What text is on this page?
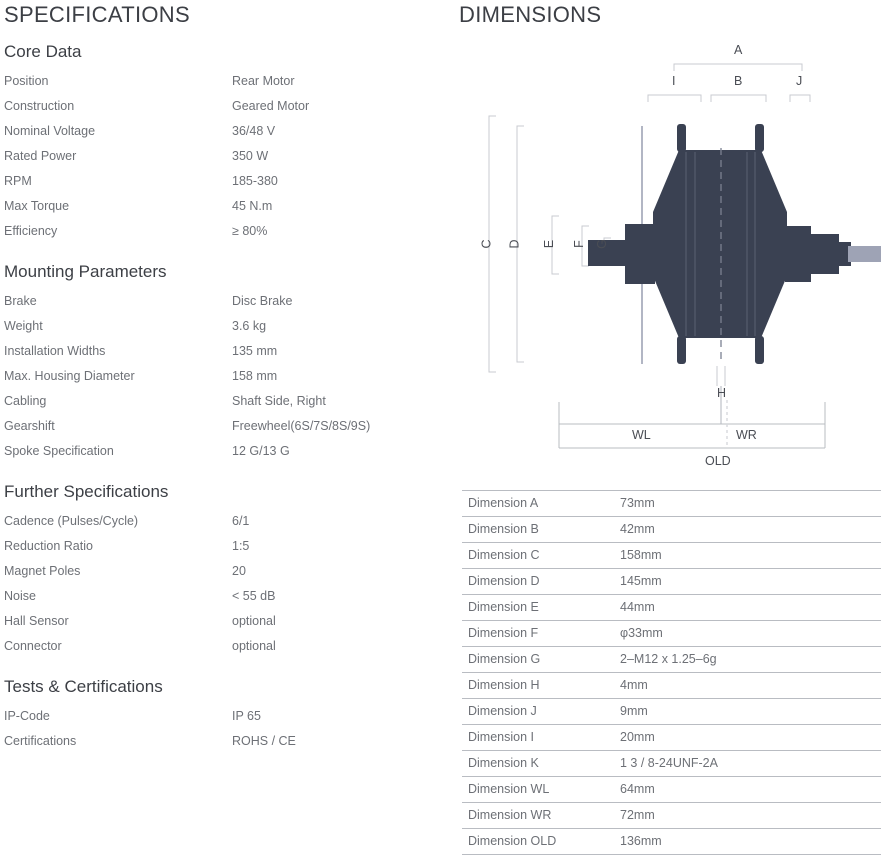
SPECIFICATIONS
Core Data
Position	Rear Motor
Construction	Geared Motor
Nominal Voltage	36/48 V
Rated Power	350 W
RPM	185-380
Max Torque	45 N.m
Efficiency	≥ 80%
Mounting Parameters
Brake	Disc Brake
Weight	3.6 kg
Installation Widths	135 mm
Max. Housing Diameter	158 mm
Cabling	Shaft Side, Right
Gearshift	Freewheel(6S/7S/8S/9S)
Spoke Specification	12 G/13 G
Further Specifications
Cadence (Pulses/Cycle)	6/1
Reduction Ratio	1:5
Magnet Poles	20
Noise	< 55 dB
Hall Sensor	optional
Connector	optional
Tests & Certifications
IP-Code	IP 65
Certifications	ROHS / CE
DIMENSIONS
A
I	B	J
C D E F G
H
WL	WR
OLD
Dimension A	73mm
Dimension B	42mm
Dimension C	158mm
Dimension D	145mm
Dimension E	44mm
Dimension F	φ33mm
Dimension G	2–M12 x 1.25–6g
Dimension H	4mm
Dimension J	9mm
Dimension I	20mm
Dimension K	1 3 / 8-24UNF-2A
Dimension WL	64mm
Dimension WR	72mm
Dimension OLD	136mm
